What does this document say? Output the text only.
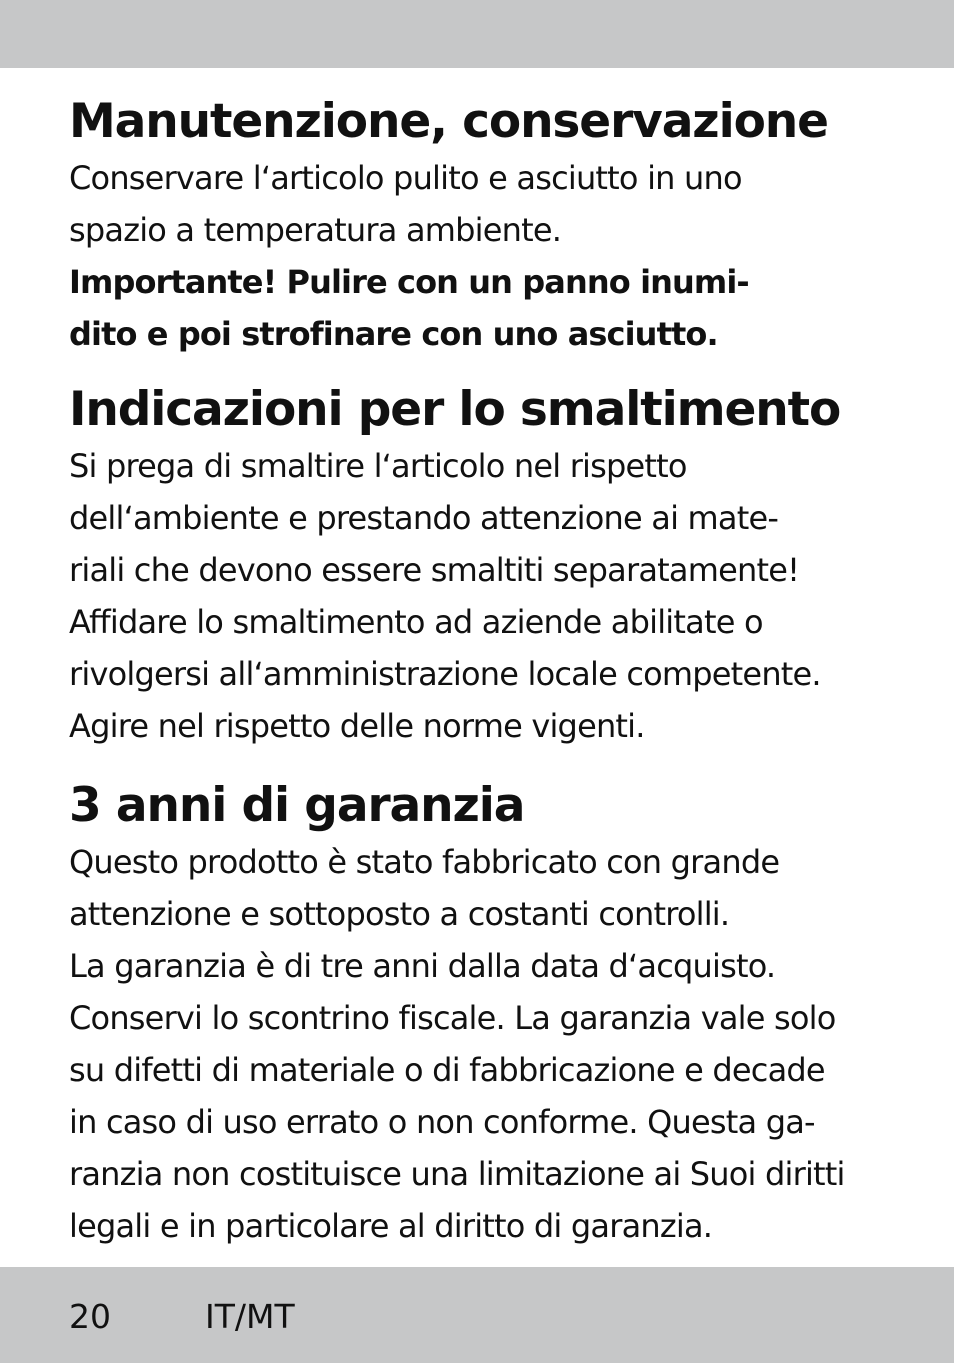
Manutenzione, conservazione

Conservare l‘articolo pulito e asciutto in uno
spazio a temperatura ambiente.

Importante! Pulire con un panno inumi-
dito e poi strofinare con uno asciutto.

Indicazioni per lo smaltimento

Si prega di smaltire l‘articolo nel rispetto
dell‘ambiente e prestando attenzione ai mate-
riali che devono essere smaltiti separatamente!
Affidare lo smaltimento ad aziende abilitate o
rivolgersi all‘amministrazione locale competente.
Agire nel rispetto delle norme vigenti.

3 anni di garanzia

Questo prodotto è stato fabbricato con grande
attenzione e sottoposto a costanti controlli.
La garanzia è di tre anni dalla data d‘acquisto.
Conservi lo scontrino fiscale. La garanzia vale solo
su difetti di materiale o di fabbricazione e decade
in caso di uso errato o non conforme. Questa ga-
ranzia non costituisce una limitazione ai Suoi diritti
legali e in particolare al diritto di garanzia.

20	IT/MT
